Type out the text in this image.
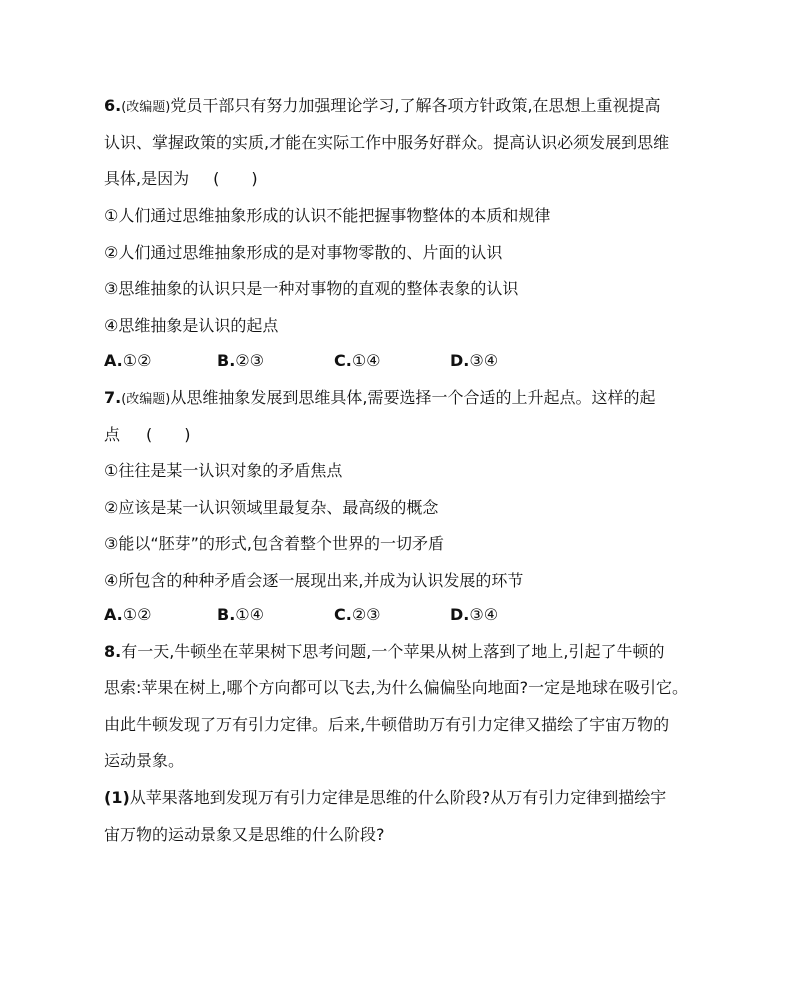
6.(改编题)党员干部只有努力加强理论学习,了解各项方针政策,在思想上重视提高
认识、掌握政策的实质,才能在实际工作中服务好群众。提高认识必须发展到思维
具体,是因为 (　　)
①人们通过思维抽象形成的认识不能把握事物整体的本质和规律
②人们通过思维抽象形成的是对事物零散的、片面的认识
③思维抽象的认识只是一种对事物的直观的整体表象的认识
④思维抽象是认识的起点
A.①②	B.②③	C.①④	D.③④
7.(改编题)从思维抽象发展到思维具体,需要选择一个合适的上升起点。这样的起
点 (　　)
①往往是某一认识对象的矛盾焦点
②应该是某一认识领域里最复杂、最高级的概念
③能以“胚芽”的形式,包含着整个世界的一切矛盾
④所包含的种种矛盾会逐一展现出来,并成为认识发展的环节
A.①②	B.①④	C.②③	D.③④
8.有一天,牛顿坐在苹果树下思考问题,一个苹果从树上落到了地上,引起了牛顿的
思索:苹果在树上,哪个方向都可以飞去,为什么偏偏坠向地面?一定是地球在吸引它。
由此牛顿发现了万有引力定律。后来,牛顿借助万有引力定律又描绘了宇宙万物的
运动景象。
(1)从苹果落地到发现万有引力定律是思维的什么阶段?从万有引力定律到描绘宇
宙万物的运动景象又是思维的什么阶段?
